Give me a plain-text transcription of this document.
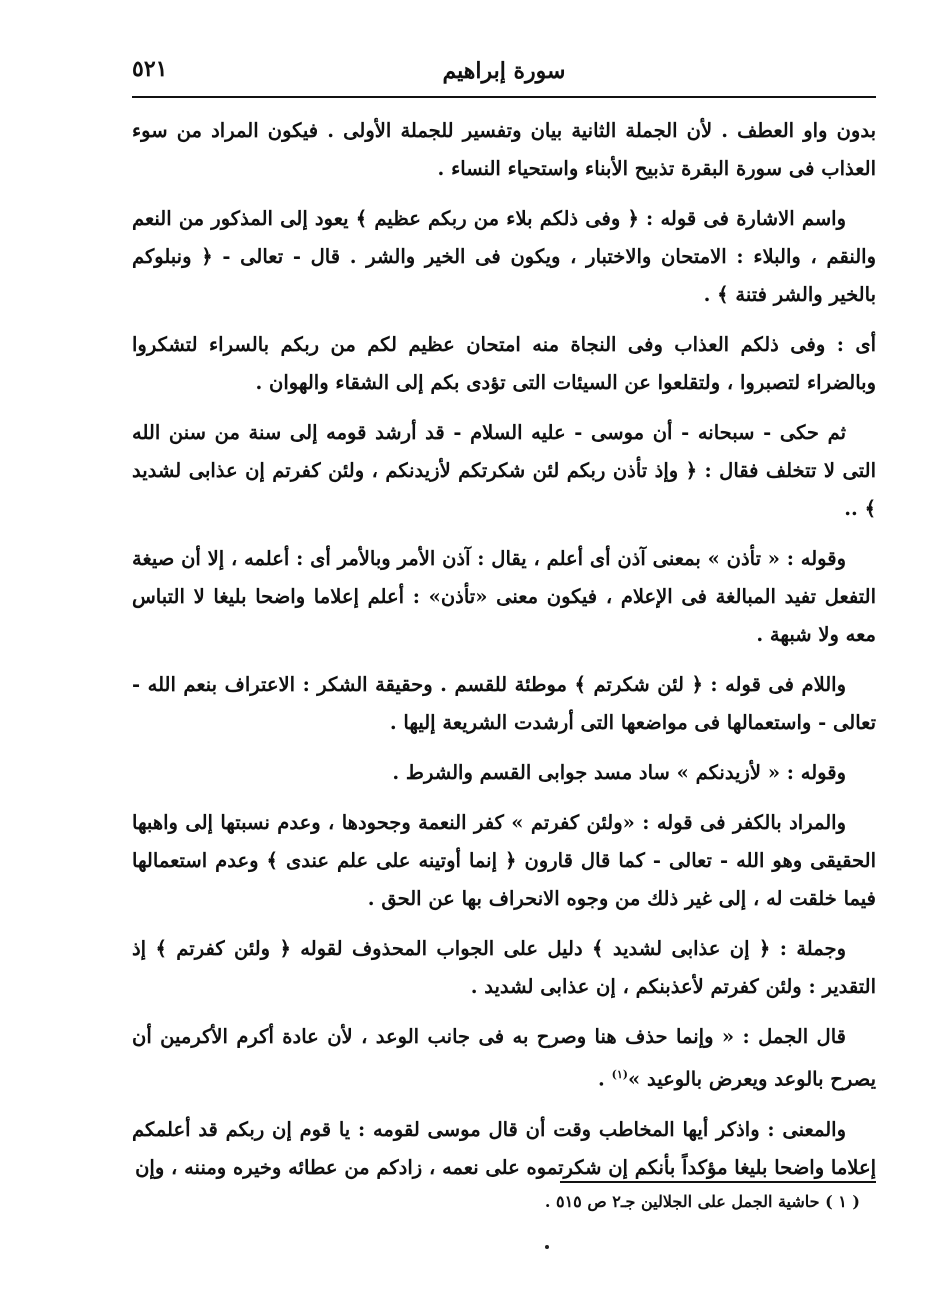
سورة إبراهيم
٥٢١

بدون واو العطف . لأن الجملة الثانية بيان وتفسير للجملة الأولى . فيكون المراد من سوء العذاب فى سورة البقرة تذبيح الأبناء واستحياء النساء .

واسم الاشارة فى قوله : ﴿ وفى ذلكم بلاء من ربكم عظيم ﴾ يعود إلى المذكور من النعم والنقم ، والبلاء : الامتحان والاختبار ، ويكون فى الخير والشر . قال - تعالى - ﴿ ونبلوكم بالخير والشر فتنة ﴾ .

أى : وفى ذلكم العذاب وفى النجاة منه امتحان عظيم لكم من ربكم بالسراء لتشكروا وبالضراء لتصبروا ، ولتقلعوا عن السيئات التى تؤدى بكم إلى الشقاء والهوان .

ثم حكى - سبحانه - أن موسى - عليه السلام - قد أرشد قومه إلى سنة من سنن الله التى لا تتخلف فقال : ﴿ وإذ تأذن ربكم لئن شكرتكم لأزيدنكم ، ولئن كفرتم إن عذابى لشديد ﴾ ..

وقوله : « تأذن » بمعنى آذن أى أعلم ، يقال : آذن الأمر وبالأمر أى : أعلمه ، إلا أن صيغة التفعل تفيد المبالغة فى الإعلام ، فيكون معنى «تأذن» : أعلم إعلاما واضحا بليغا لا التباس معه ولا شبهة .

واللام فى قوله : ﴿ لئن شكرتم ﴾ موطئة للقسم . وحقيقة الشكر : الاعتراف بنعم الله - تعالى - واستعمالها فى مواضعها التى أرشدت الشريعة إليها .

وقوله : « لأزيدنكم » ساد مسد جوابى القسم والشرط .

والمراد بالكفر فى قوله : «ولئن كفرتم » كفر النعمة وجحودها ، وعدم نسبتها إلى واهبها الحقيقى وهو الله - تعالى - كما قال قارون ﴿ إنما أوتينه على علم عندى ﴾ وعدم استعمالها فيما خلقت له ، إلى غير ذلك من وجوه الانحراف بها عن الحق .

وجملة : ﴿ إن عذابى لشديد ﴾ دليل على الجواب المحذوف لقوله ﴿ ولئن كفرتم ﴾ إذ التقدير : ولئن كفرتم لأعذبنكم ، إن عذابى لشديد .

قال الجمل : « وإنما حذف هنا وصرح به فى جانب الوعد ، لأن عادة أكرم الأكرمين أن يصرح بالوعد ويعرض بالوعيد »$^{(١)}$ .

والمعنى : واذكر أيها المخاطب وقت أن قال موسى لقومه : يا قوم إن ربكم قد أعلمكم إعلاما واضحا بليغا مؤكداً بأنكم إن شكرتموه على نعمه ، زادكم من عطائه وخيره ومننه ، وإن

( ١ ) حاشية الجمل على الجلالين جـ٢ ص ٥١٥ .
